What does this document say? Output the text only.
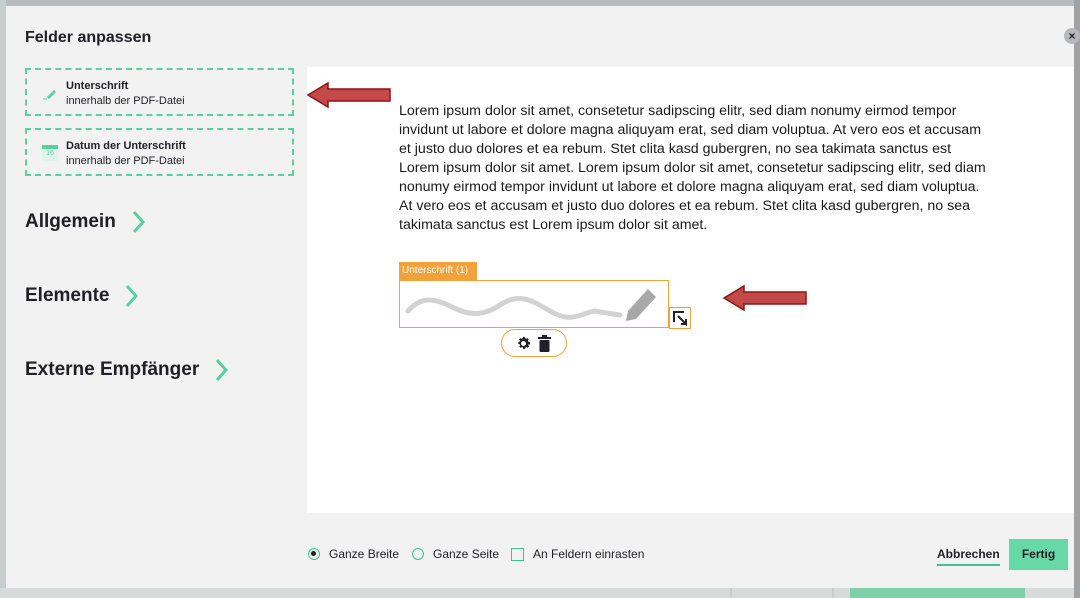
Felder anpassen	×
Unterschrift
innerhalb der PDF-Datei
16
Datum der Unterschrift
innerhalb der PDF-Datei
Allgemein
Elemente
Externe Empfänger
Lorem ipsum dolor sit amet, consetetur sadipscing elitr, sed diam nonumy eirmod tempor invidunt ut labore et dolore magna aliquyam erat, sed diam voluptua. At vero eos et accusam et justo duo dolores et ea rebum. Stet clita kasd gubergren, no sea takimata sanctus est Lorem ipsum dolor sit amet. Lorem ipsum dolor sit amet, consetetur sadipscing elitr, sed diam nonumy eirmod tempor invidunt ut labore et dolore magna aliquyam erat, sed diam voluptua. At vero eos et accusam et justo duo dolores et ea rebum. Stet clita kasd gubergren, no sea takimata sanctus est Lorem ipsum dolor sit amet.
Unterschrift (1)
Ganze Breite	Ganze Seite	An Feldern einrasten	Abbrechen	Fertig
